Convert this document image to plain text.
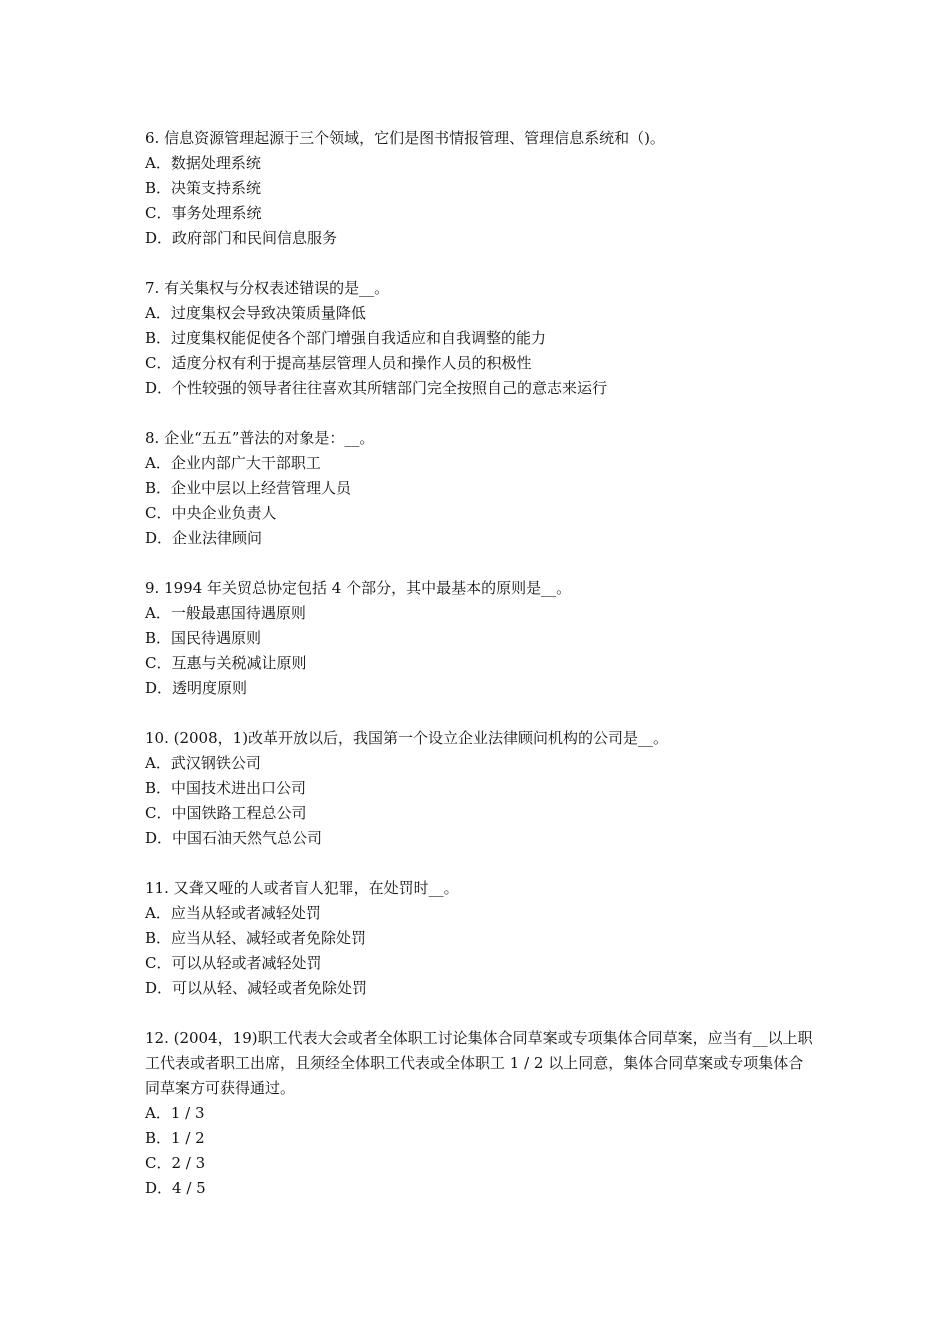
6. 信息资源管理起源于三个领域，它们是图书情报管理、管理信息系统和（)。

A．数据处理系统
B．决策支持系统
C．事务处理系统
D．政府部门和民间信息服务

7. 有关集权与分权表述错误的是__。

A．过度集权会导致决策质量降低
B．过度集权能促使各个部门增强自我适应和自我调整的能力
C．适度分权有利于提高基层管理人员和操作人员的积极性
D．个性较强的领导者往往喜欢其所辖部门完全按照自己的意志来运行

8. 企业“五五”普法的对象是：__。

A．企业内部广大干部职工
B．企业中层以上经营管理人员
C．中央企业负责人
D．企业法律顾问

9. 1994 年关贸总协定包括 4 个部分，其中最基本的原则是__。

A．一般最惠国待遇原则
B．国民待遇原则
C．互惠与关税减让原则
D．透明度原则

10. (2008，1)改革开放以后，我国第一个设立企业法律顾问机构的公司是__。

A．武汉钢铁公司
B．中国技术进出口公司
C．中国铁路工程总公司
D．中国石油天然气总公司

11. 又聋又哑的人或者盲人犯罪，在处罚时__。

A．应当从轻或者减轻处罚
B．应当从轻、减轻或者免除处罚
C．可以从轻或者减轻处罚
D．可以从轻、减轻或者免除处罚

12. (2004，19)职工代表大会或者全体职工讨论集体合同草案或专项集体合同草案，应当有__以上职工代表或者职工出席，且须经全体职工代表或全体职工 1 / 2 以上同意，集体合同草案或专项集体合同草案方可获得通过。

A．1 / 3
B．1 / 2
C．2 / 3
D．4 / 5
